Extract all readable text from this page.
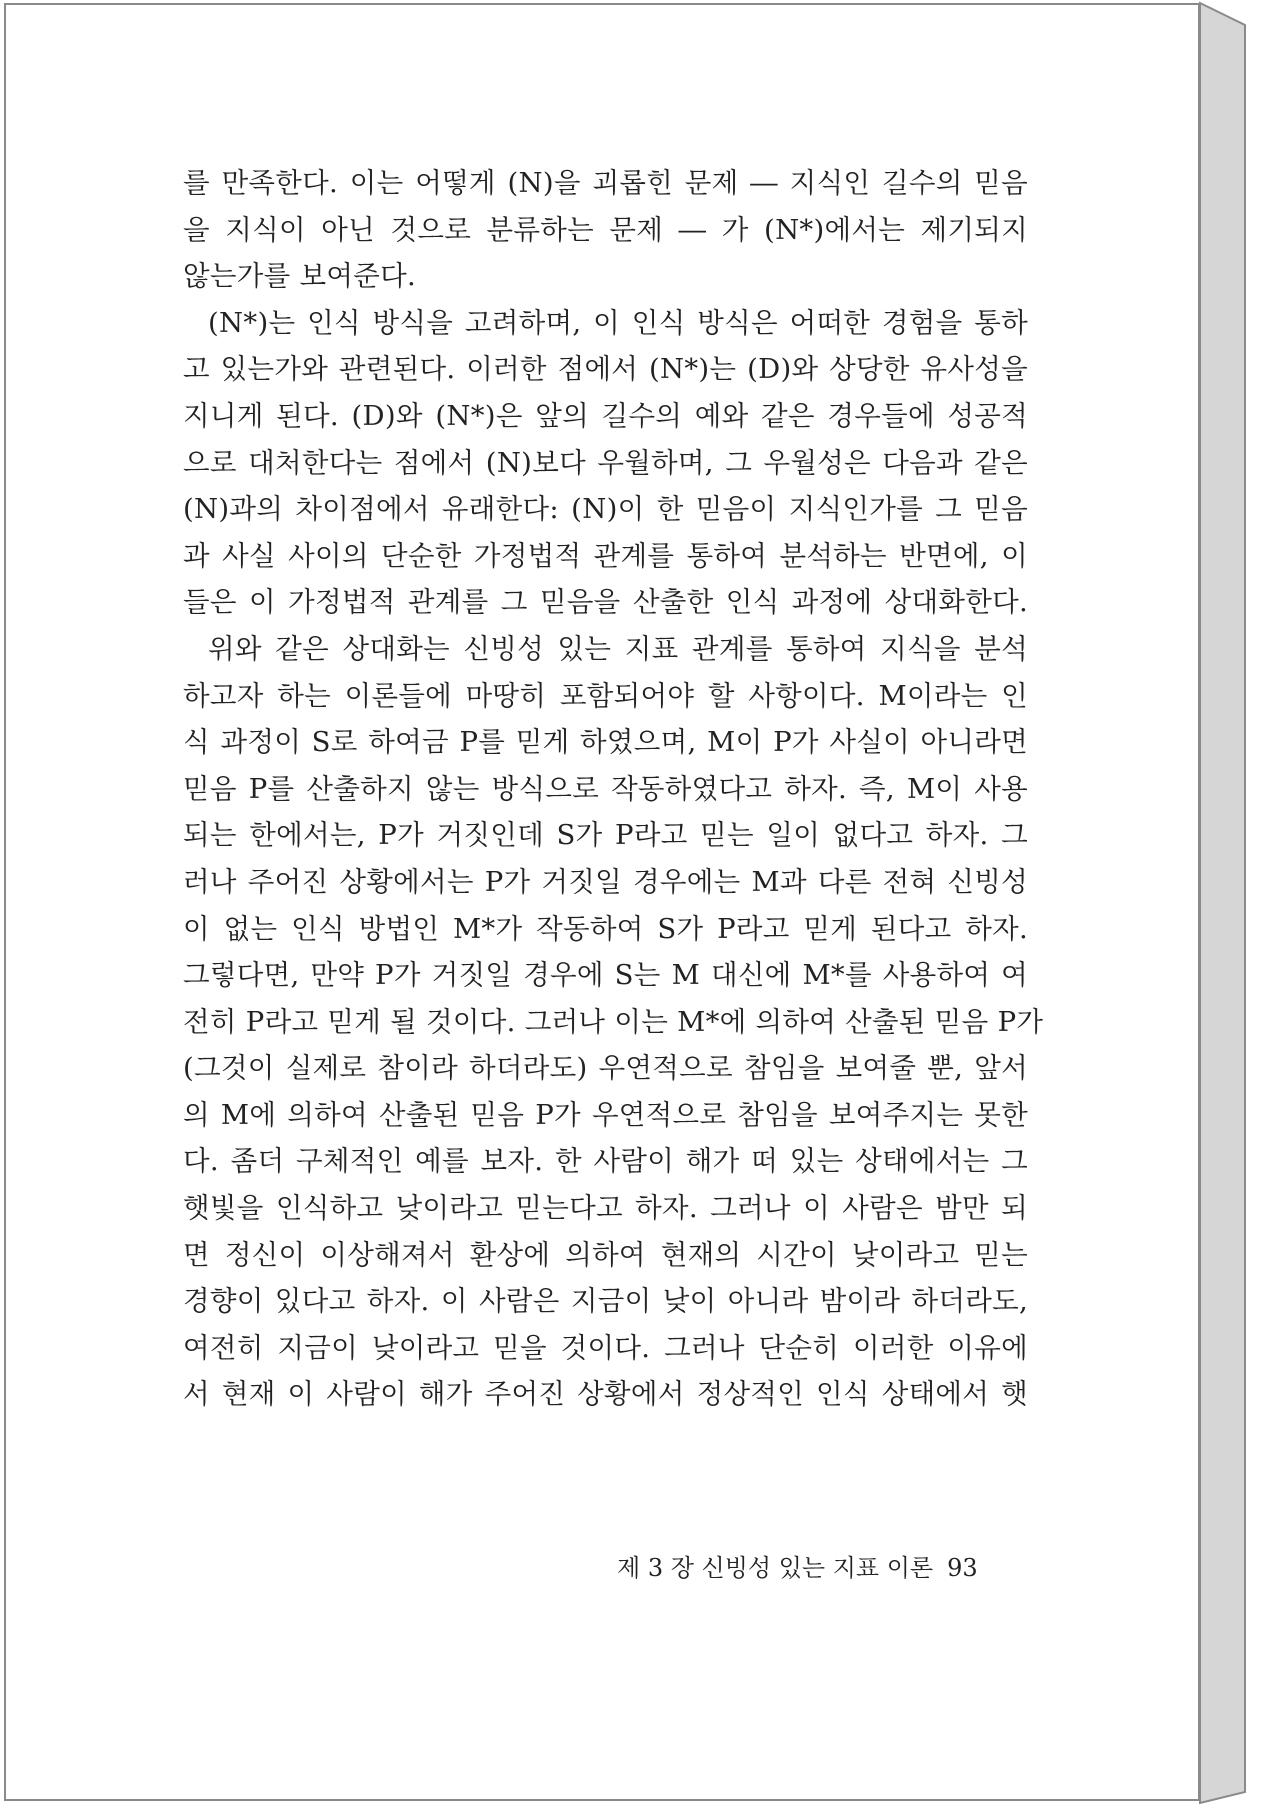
를 만족한다. 이는 어떻게 (N)을 괴롭힌 문제 ― 지식인 길수의 믿음
을 지식이 아닌 것으로 분류하는 문제 ― 가 (N*)에서는 제기되지
않는가를 보여준다.
(N*)는 인식 방식을 고려하며, 이 인식 방식은 어떠한 경험을 통하
고 있는가와 관련된다. 이러한 점에서 (N*)는 (D)와 상당한 유사성을
지니게 된다. (D)와 (N*)은 앞의 길수의 예와 같은 경우들에 성공적
으로 대처한다는 점에서 (N)보다 우월하며, 그 우월성은 다음과 같은
(N)과의 차이점에서 유래한다: (N)이 한 믿음이 지식인가를 그 믿음
과 사실 사이의 단순한 가정법적 관계를 통하여 분석하는 반면에, 이
들은 이 가정법적 관계를 그 믿음을 산출한 인식 과정에 상대화한다.
위와 같은 상대화는 신빙성 있는 지표 관계를 통하여 지식을 분석
하고자 하는 이론들에 마땅히 포함되어야 할 사항이다. M이라는 인
식 과정이 S로 하여금 P를 믿게 하였으며, M이 P가 사실이 아니라면
믿음 P를 산출하지 않는 방식으로 작동하였다고 하자. 즉, M이 사용
되는 한에서는, P가 거짓인데 S가 P라고 믿는 일이 없다고 하자. 그
러나 주어진 상황에서는 P가 거짓일 경우에는 M과 다른 전혀 신빙성
이 없는 인식 방법인 M*가 작동하여 S가 P라고 믿게 된다고 하자.
그렇다면, 만약 P가 거짓일 경우에 S는 M 대신에 M*를 사용하여 여
전히 P라고 믿게 될 것이다. 그러나 이는 M*에 의하여 산출된 믿음 P가
(그것이 실제로 참이라 하더라도) 우연적으로 참임을 보여줄 뿐, 앞서
의 M에 의하여 산출된 믿음 P가 우연적으로 참임을 보여주지는 못한
다. 좀더 구체적인 예를 보자. 한 사람이 해가 떠 있는 상태에서는 그
햇빛을 인식하고 낮이라고 믿는다고 하자. 그러나 이 사람은 밤만 되
면 정신이 이상해져서 환상에 의하여 현재의 시간이 낮이라고 믿는
경향이 있다고 하자. 이 사람은 지금이 낮이 아니라 밤이라 하더라도,
여전히 지금이 낮이라고 믿을 것이다. 그러나 단순히 이러한 이유에
서 현재 이 사람이 해가 주어진 상황에서 정상적인 인식 상태에서 햇
제 3 장 신빙성 있는 지표 이론 93
